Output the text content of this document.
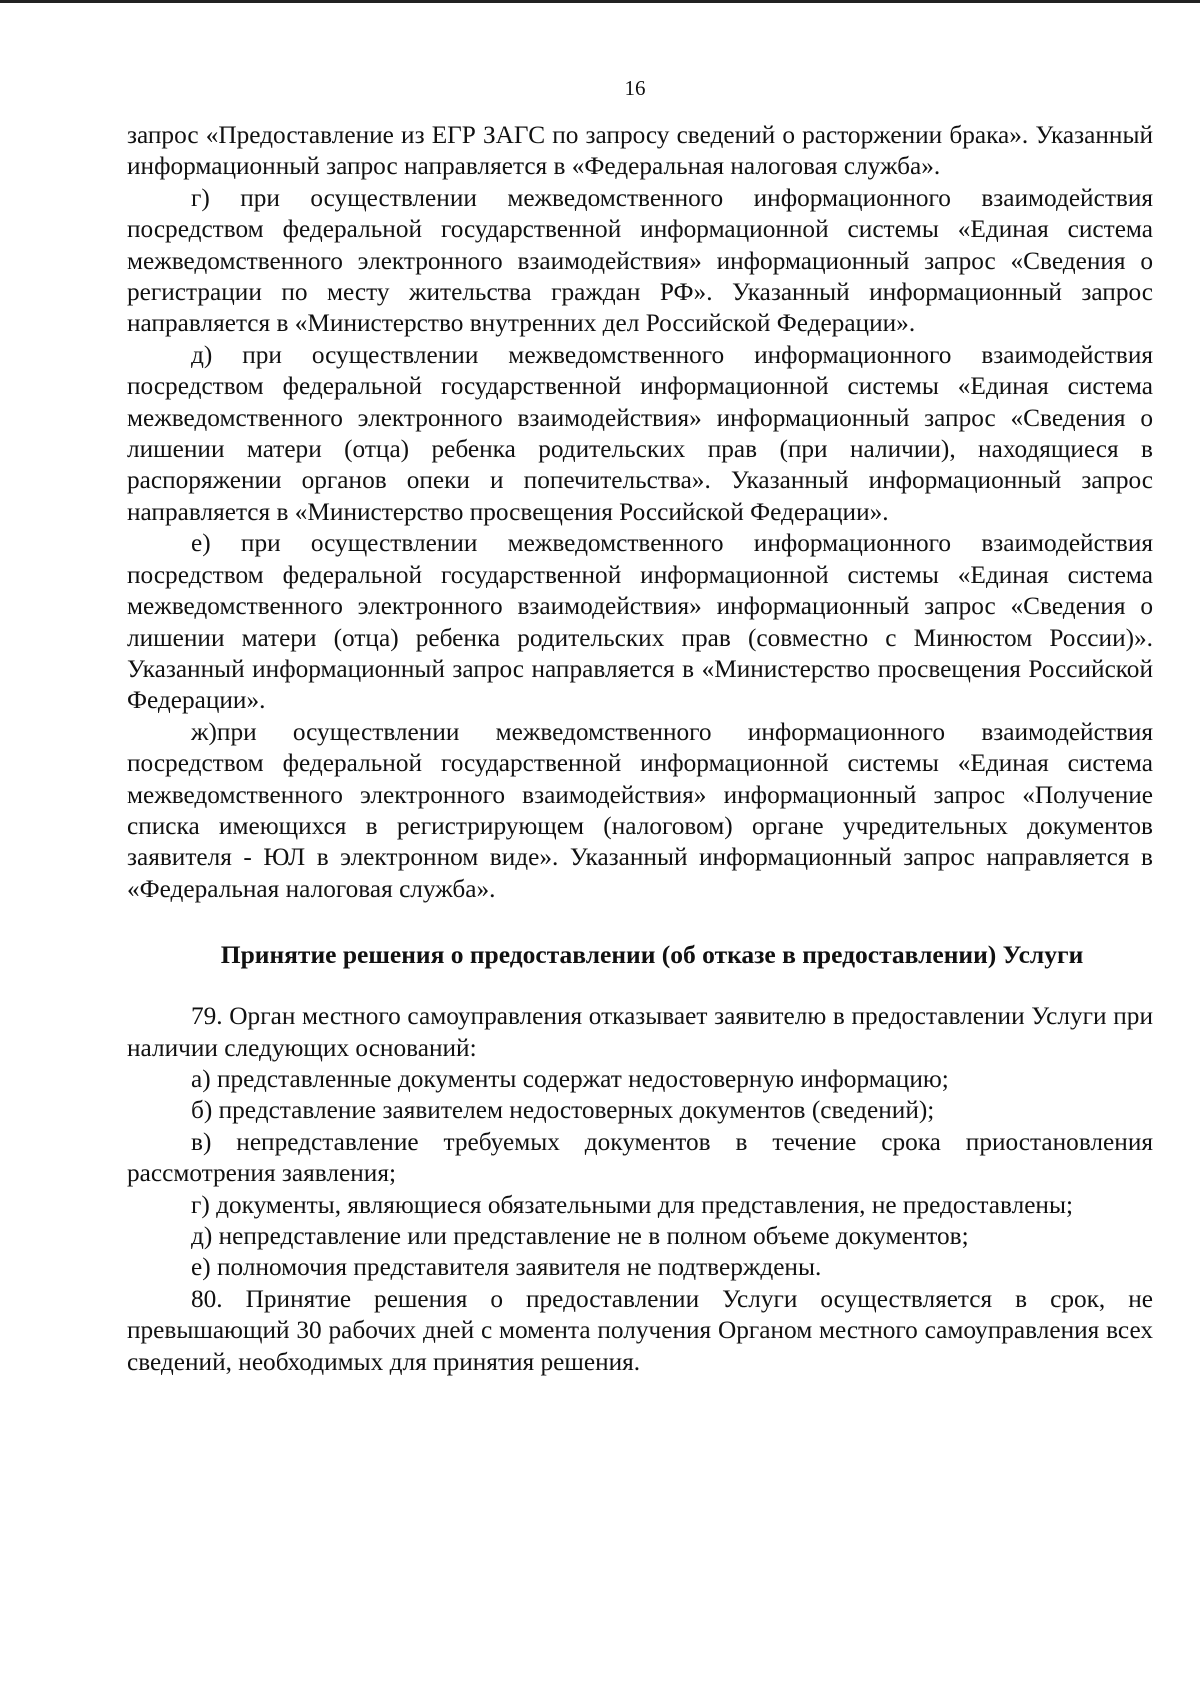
16

запрос «Предоставление из ЕГР ЗАГС по запросу сведений о расторжении брака». Указанный информационный запрос направляется в «Федеральная налоговая служба».

г) при осуществлении межведомственного информационного взаимодействия посредством федеральной государственной информационной системы «Единая система межведомственного электронного взаимодействия» информационный запрос «Сведения о регистрации по месту жительства граждан РФ». Указанный информационный запрос направляется в «Министерство внутренних дел Российской Федерации».

д) при осуществлении межведомственного информационного взаимодействия посредством федеральной государственной информационной системы «Единая система межведомственного электронного взаимодействия» информационный запрос «Сведения о лишении матери (отца) ребенка родительских прав (при наличии), находящиеся в распоряжении органов опеки и попечительства». Указанный информационный запрос направляется в «Министерство просвещения Российской Федерации».

е) при осуществлении межведомственного информационного взаимодействия посредством федеральной государственной информационной системы «Единая система межведомственного электронного взаимодействия» информационный запрос «Сведения о лишении матери (отца) ребенка родительских прав (совместно с Минюстом России)». Указанный информационный запрос направляется в «Министерство просвещения Российской Федерации».

ж)при осуществлении межведомственного информационного взаимодействия посредством федеральной государственной информационной системы «Единая система межведомственного электронного взаимодействия» информационный запрос «Получение списка имеющихся в регистрирующем (налоговом) органе учредительных документов заявителя - ЮЛ в электронном виде». Указанный информационный запрос направляется в «Федеральная налоговая служба».

Принятие решения о предоставлении (об отказе в предоставлении) Услуги

79. Орган местного самоуправления отказывает заявителю в предоставлении Услуги при наличии следующих оснований:

а) представленные документы содержат недостоверную информацию;

б) представление заявителем недостоверных документов (сведений);

в) непредставление требуемых документов в течение срока приостановления рассмотрения заявления;

г) документы, являющиеся обязательными для представления, не предоставлены;

д) непредставление или представление не в полном объеме документов;

е) полномочия представителя заявителя не подтверждены.

80. Принятие решения о предоставлении Услуги осуществляется в срок, не превышающий 30 рабочих дней с момента получения Органом местного самоуправления всех сведений, необходимых для принятия решения.
